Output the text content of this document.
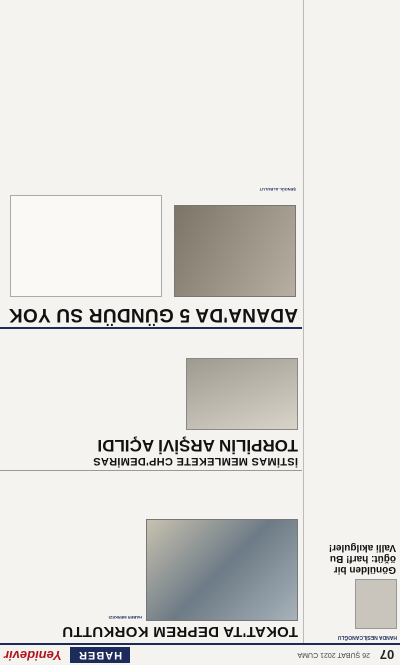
07
26 ŞUBAT 2021 CUMA
HABER
Yenidevir
HANDA NESİLCANOĞLU
Gönülden bir öğüt: harf! Bu Valli akılguler!
TOKAT'TA DEPREM KORKUTTU
HABER MERKEZİ
İSTİMAS MEMLEKETE CHP'DEMİRAS
TORPİLİN ARŞİVİ AÇILDI
ADANA'DA 5 GÜNDÜR SU YOK
ŞENGÜL ALBULUT
